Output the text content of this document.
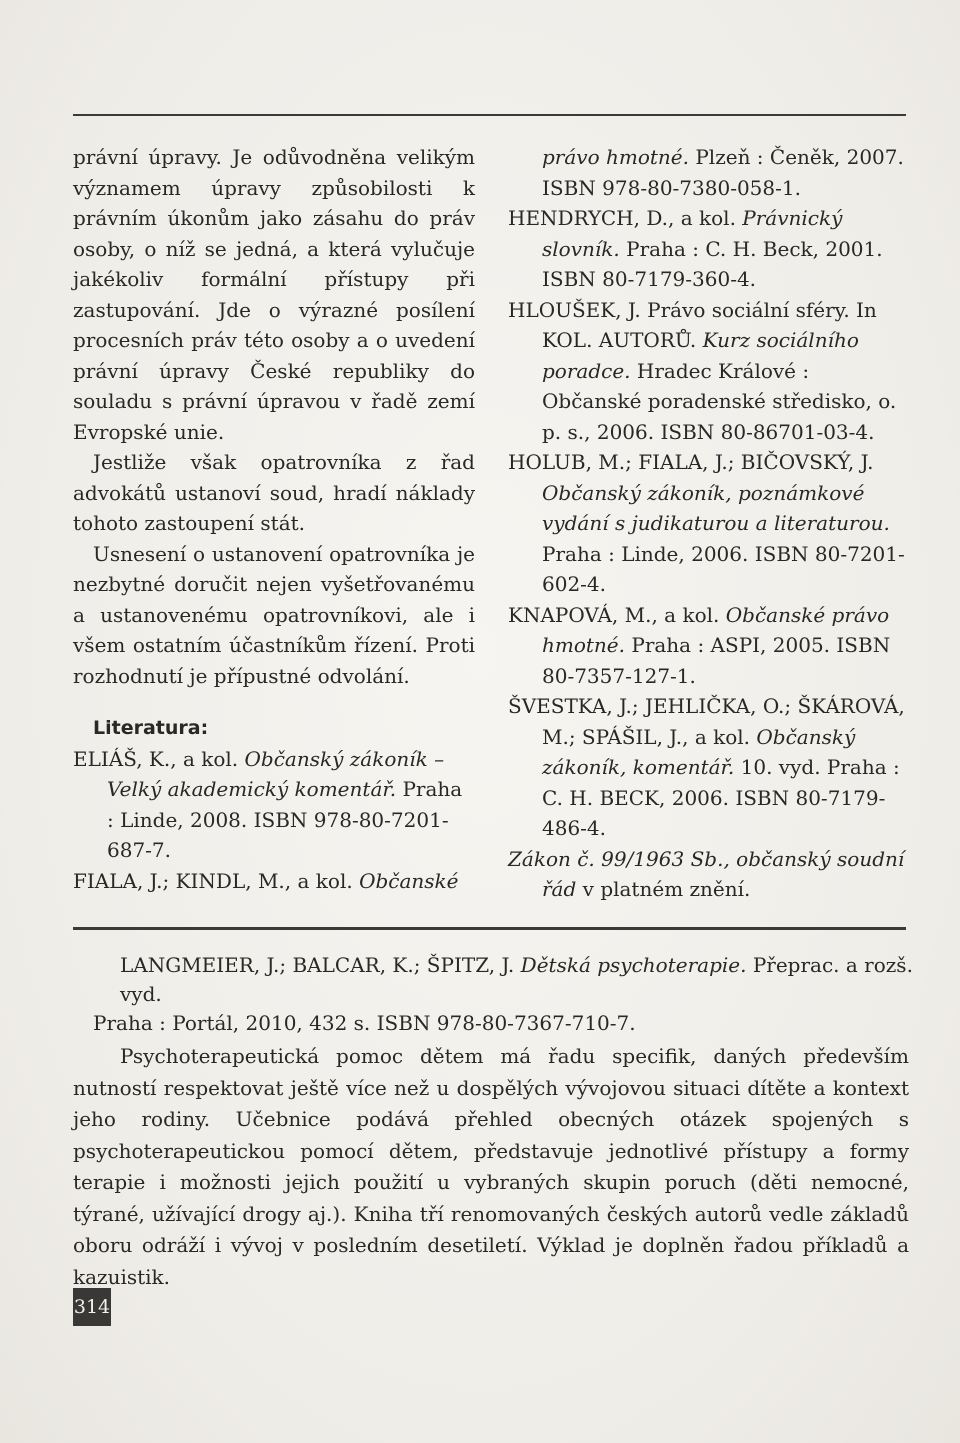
právní úpravy. Je odůvodněna velikým významem úpravy způsobilosti k právním úkonům jako zásahu do práv osoby, o níž se jedná, a která vylučuje jakékoliv formální přístupy při zastupování. Jde o výrazné posílení procesních práv této osoby a o uvedení právní úpravy České republiky do souladu s právní úpravou v řadě zemí Evropské unie.

Jestliže však opatrovníka z řad advokátů ustanoví soud, hradí náklady tohoto zastoupení stát.

Usnesení o ustanovení opatrovníka je nezbytné doručit nejen vyšetřovanému a ustanovenému opatrovníkovi, ale i všem ostatním účastníkům řízení. Proti rozhodnutí je přípustné odvolání.

Literatura:

ELIÁŠ, K., a kol. Občanský zákoník – Velký akademický komentář. Praha : Linde, 2008. ISBN 978-80-7201-687-7.

FIALA, J.; KINDL, M., a kol. Občanské

právo hmotné. Plzeň : Čeněk, 2007. ISBN 978-80-7380-058-1.

HENDRYCH, D., a kol. Právnický slovník. Praha : C. H. Beck, 2001. ISBN 80-7179-360-4.

HLOUŠEK, J. Právo sociální sféry. In KOL. AUTORŮ. Kurz sociálního poradce. Hradec Králové : Občanské poradenské středisko, o. p. s., 2006. ISBN 80-86701-03-4.

HOLUB, M.; FIALA, J.; BIČOVSKÝ, J. Občanský zákoník, poznámkové vydání s judikaturou a literaturou. Praha : Linde, 2006. ISBN 80-7201-602-4.

KNAPOVÁ, M., a kol. Občanské právo hmotné. Praha : ASPI, 2005. ISBN 80-7357-127-1.

ŠVESTKA, J.; JEHLIČKA, O.; ŠKÁROVÁ, M.; SPÁŠIL, J., a kol. Občanský zákoník, komentář. 10. vyd. Praha : C. H. BECK, 2006. ISBN 80-7179-486-4.

Zákon č. 99/1963 Sb., občanský soudní řád v platném znění.

LANGMEIER, J.; BALCAR, K.; ŠPITZ, J. Dětská psychoterapie. Přeprac. a rozš. vyd.
Praha : Portál, 2010, 432 s. ISBN 978-80-7367-710-7.

Psychoterapeutická pomoc dětem má řadu specifik, daných především nutností respektovat ještě více než u dospělých vývojovou situaci dítěte a kontext jeho rodiny. Učebnice podává přehled obecných otázek spojených s psychoterapeutickou pomocí dětem, představuje jednotlivé přístupy a formy terapie i možnosti jejich použití u vybraných skupin poruch (děti nemocné, týrané, užívající drogy aj.). Kniha tří renomovaných českých autorů vedle základů oboru odráží i vývoj v posledním desetiletí. Výklad je doplněn řadou příkladů a kazuistik.

314
